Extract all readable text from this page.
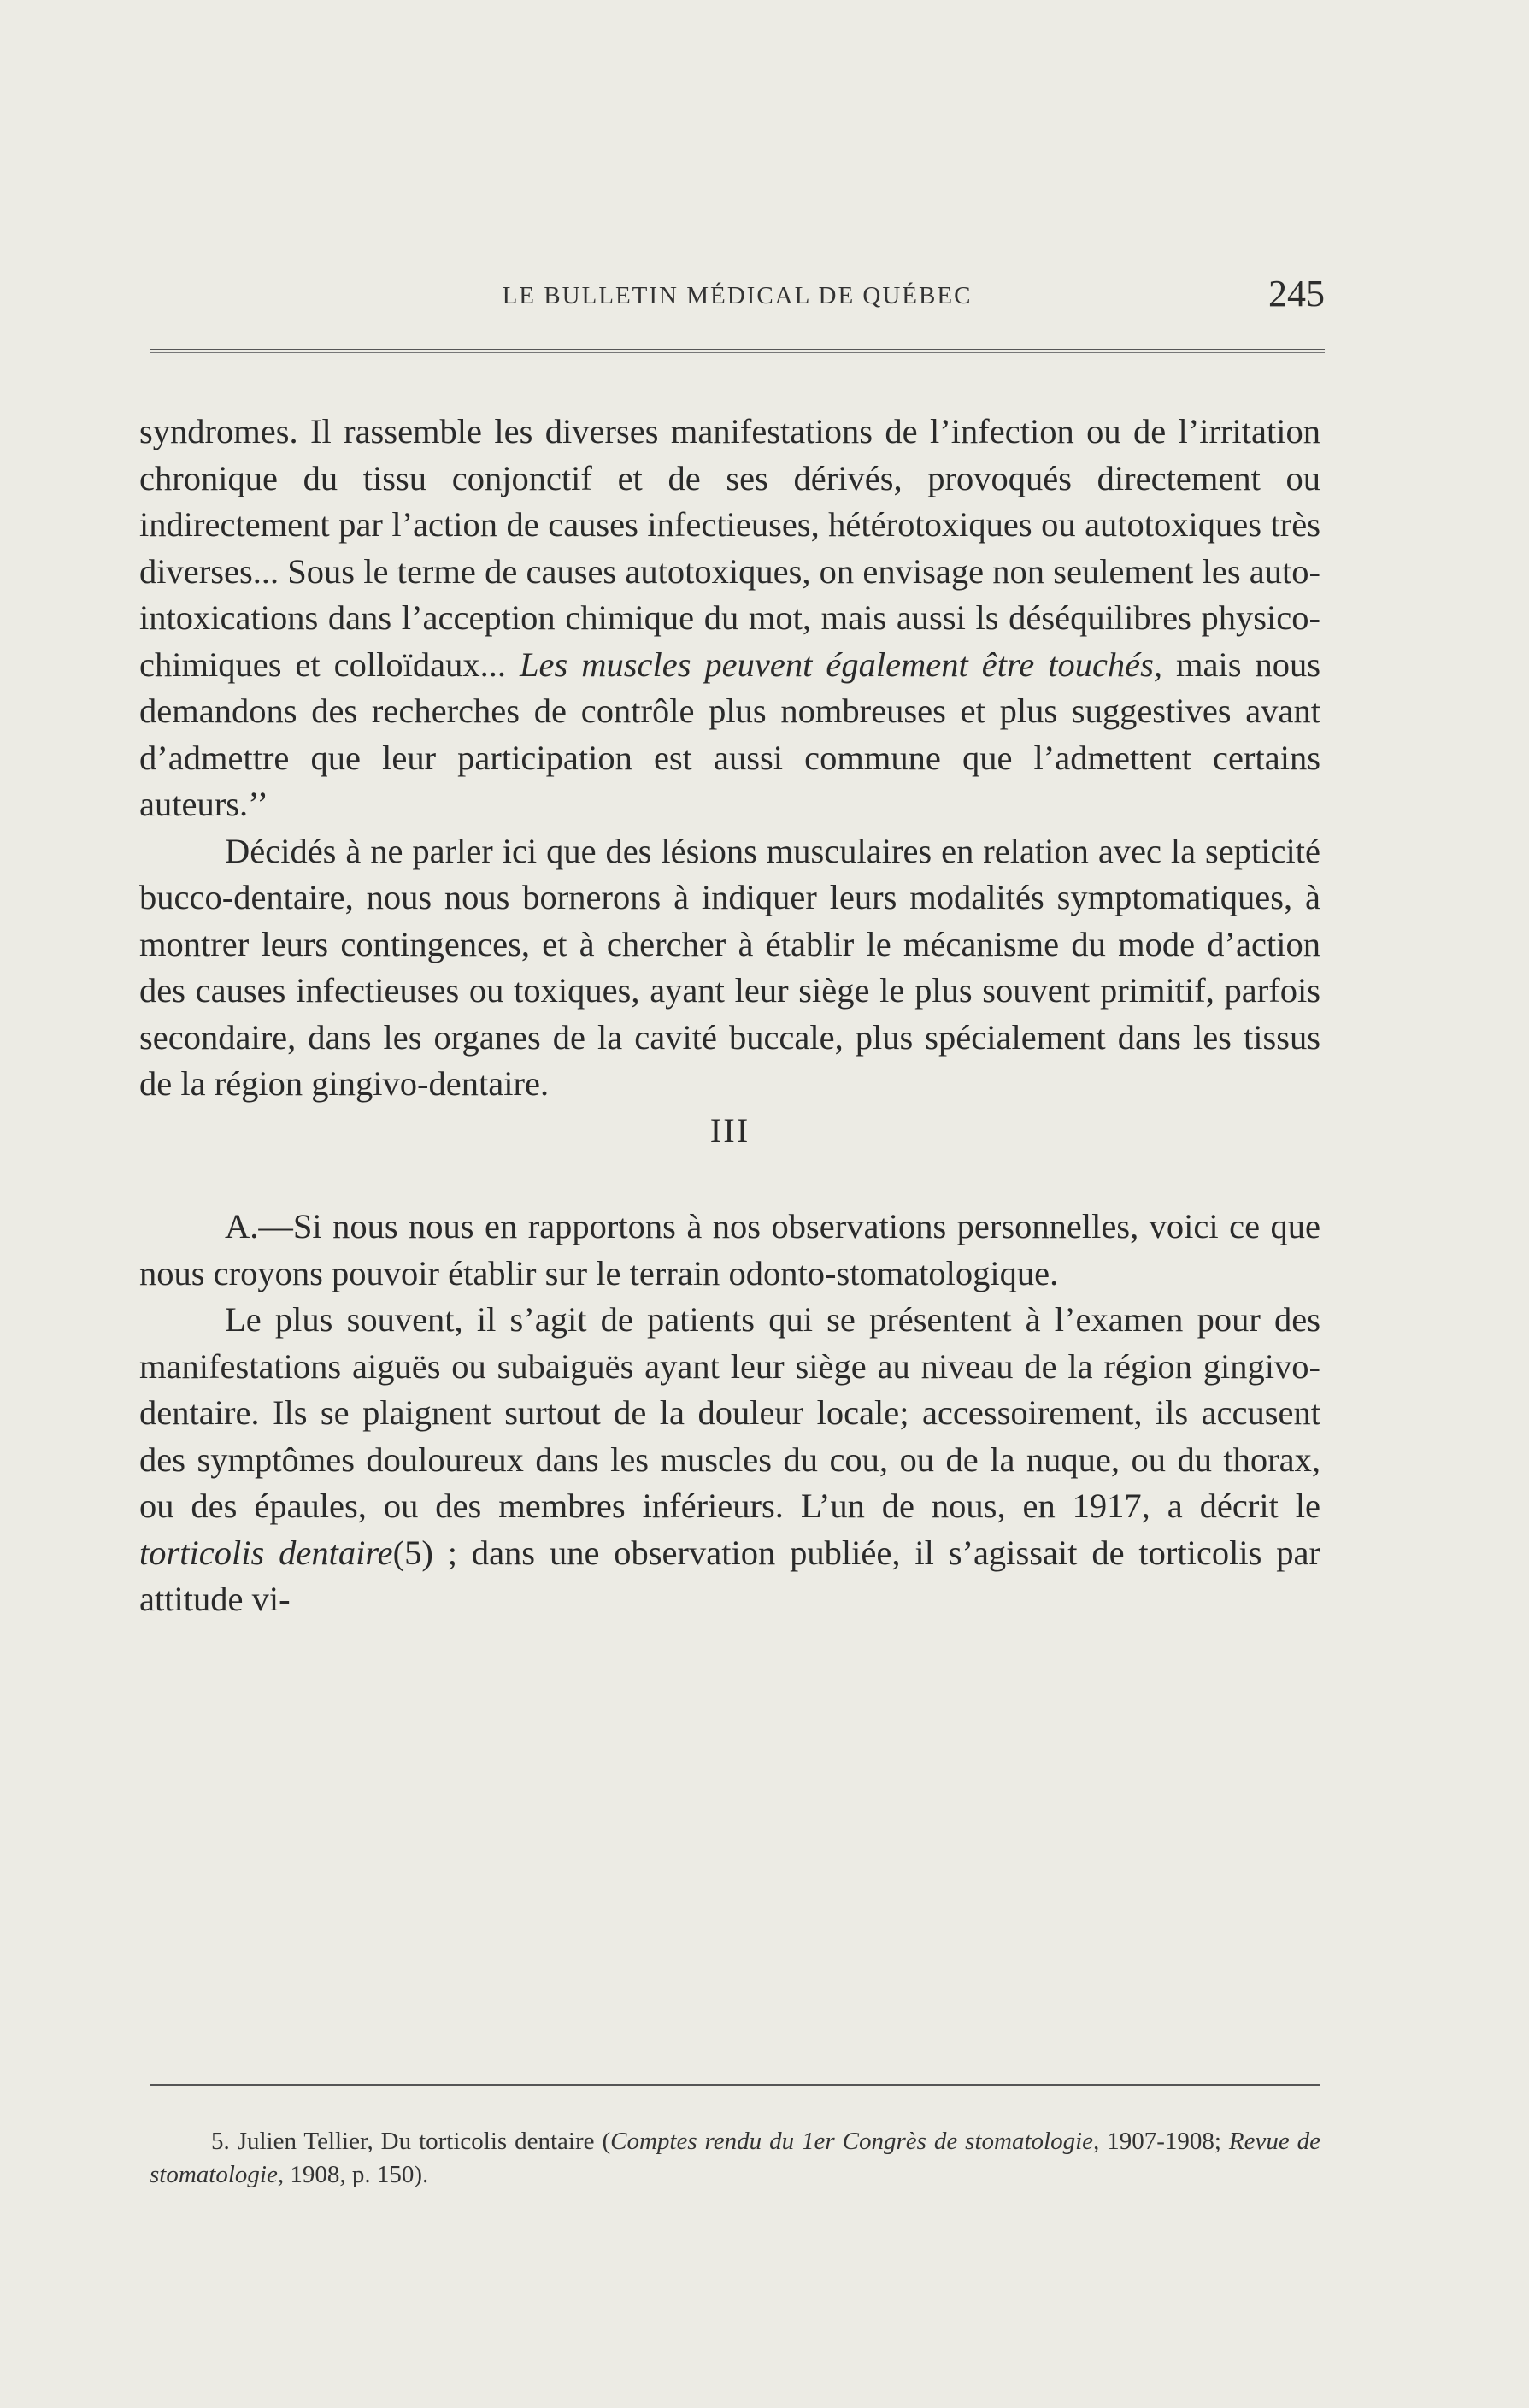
LE BULLETIN MÉDICAL DE QUÉBEC	245

syndromes. Il rassemble les diverses manifestations de l’infection ou de l’irritation chronique du tissu conjonctif et de ses dérivés, provoqués directement ou indirectement par l’action de causes infectieuses, hétérotoxiques ou autotoxiques très diverses... Sous le terme de causes autotoxiques, on envisage non seulement les auto-intoxications dans l’acception chimique du mot, mais aussi ls déséquilibres physico-chimiques et colloïdaux... Les muscles peuvent également être touchés, mais nous demandons des recherches de contrôle plus nombreuses et plus suggestives avant d’admettre que leur participation est aussi commune que l’admettent certains auteurs.’’

Décidés à ne parler ici que des lésions musculaires en relation avec la septicité bucco-dentaire, nous nous bornerons à indiquer leurs modalités symptomatiques, à montrer leurs contingences, et à chercher à établir le mécanisme du mode d’action des causes infectieuses ou toxiques, ayant leur siège le plus souvent primitif, parfois secondaire, dans les organes de la cavité buccale, plus spécialement dans les tissus de la région gingivo-dentaire.

III

A.—Si nous nous en rapportons à nos observations personnelles, voici ce que nous croyons pouvoir établir sur le terrain odonto-stomatologique.

Le plus souvent, il s’agit de patients qui se présentent à l’examen pour des manifestations aiguës ou subaiguës ayant leur siège au niveau de la région gingivo-dentaire. Ils se plaignent surtout de la douleur locale; accessoirement, ils accusent des symptômes douloureux dans les muscles du cou, ou de la nuque, ou du thorax, ou des épaules, ou des membres inférieurs. L’un de nous, en 1917, a décrit le torticolis dentaire(5) ; dans une observation publiée, il s’agissait de torticolis par attitude vi-

5. Julien Tellier, Du torticolis dentaire (Comptes rendu du 1er Congrès de stomatologie, 1907-1908; Revue de stomatologie, 1908, p. 150).
